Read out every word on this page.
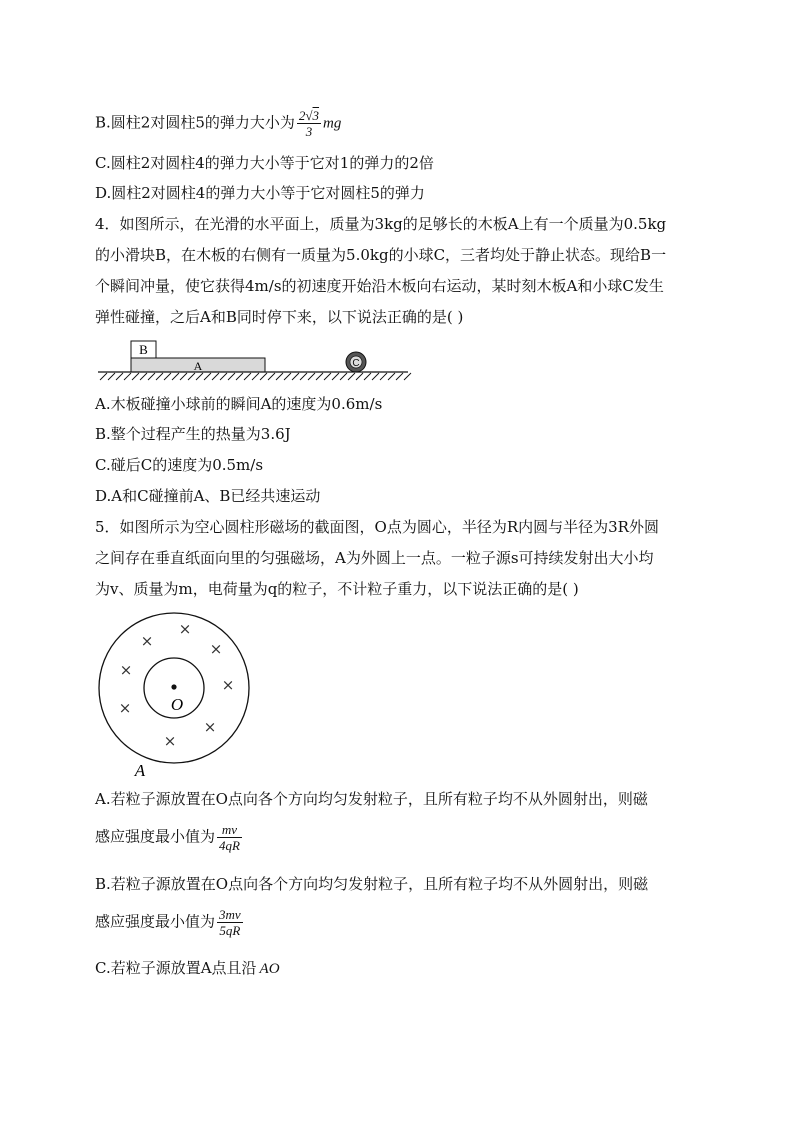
B.圆柱2对圆柱5的弹力大小为 $\frac{2√3}{3}$ mg
C.圆柱2对圆柱4的弹力大小等于它对1的弹力的2倍
D.圆柱2对圆柱4的弹力大小等于它对圆柱5的弹力
4．如图所示，在光滑的水平面上，质量为3kg的足够长的木板A上有一个质量为0.5kg
的小滑块B，在木板的右侧有一质量为5.0kg的小球C，三者均处于静止状态。现给B一
个瞬间冲量，使它获得4m/s的初速度开始沿木板向右运动，某时刻木板A和小球C发生
弹性碰撞，之后A和B同时停下来，以下说法正确的是( )
B
A	C
A.木板碰撞小球前的瞬间A的速度为0.6m/s
B.整个过程产生的热量为3.6J
C.碰后C的速度为0.5m/s
D.A和C碰撞前A、B已经共速运动
5．如图所示为空心圆柱形磁场的截面图，O点为圆心，半径为R内圆与半径为3R外圆
之间存在垂直纸面向里的匀强磁场，A为外圆上一点。一粒子源s可持续发射出大小均
为v、质量为m，电荷量为q的粒子，不计粒子重力，以下说法正确的是( )
O
A
×
×
×
×
×
×
×
×
A.若粒子源放置在O点向各个方向均匀发射粒子，且所有粒子均不从外圆射出，则磁
感应强度最小值为 $\frac{mv}{4qR}$
B.若粒子源放置在O点向各个方向均匀发射粒子，且所有粒子均不从外圆射出，则磁
感应强度最小值为 $\frac{3mv}{5qR}$
C.若粒子源放置A点且沿 AO
